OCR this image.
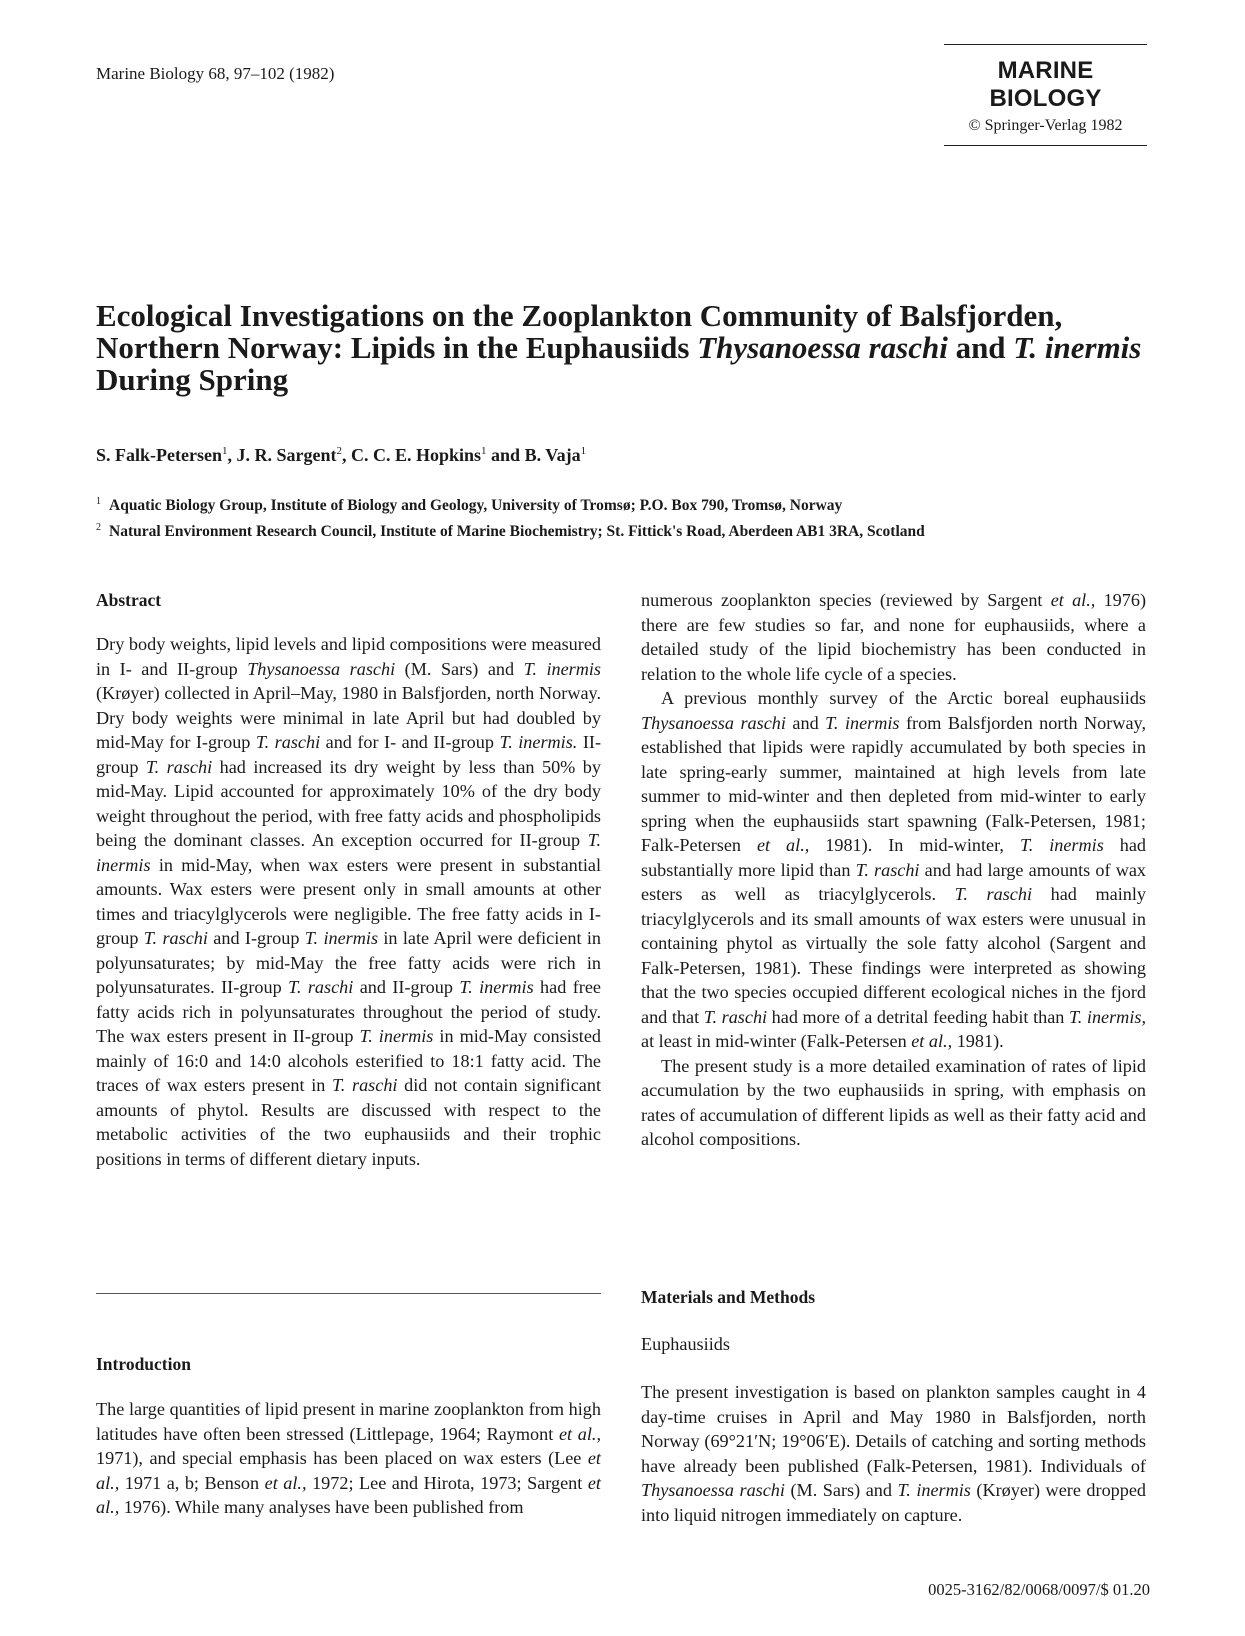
Marine Biology 68, 97–102 (1982)	MARINE BIOLOGY
© Springer-Verlag 1982
Ecological Investigations on the Zooplankton Community of Balsfjorden, Northern Norway: Lipids in the Euphausiids Thysanoessa raschi and T. inermis
During Spring
S. Falk-Petersen$^1$, J. R. Sargent$^2$, C. C. E. Hopkins$^1$ and B. Vaja$^1$
$^1$ Aquatic Biology Group, Institute of Biology and Geology, University of Tromsø; P.O. Box 790, Tromsø, Norway
$^2$ Natural Environment Research Council, Institute of Marine Biochemistry; St. Fittick's Road, Aberdeen AB1 3RA, Scotland
Abstract

Dry body weights, lipid levels and lipid compositions were measured in I- and II-group Thysanoessa raschi (M. Sars) and T. inermis (Krøyer) collected in April–May, 1980 in Balsfjorden, north Norway. Dry body weights were minimal in late April but had doubled by mid-May for I-group T. raschi and for I- and II-group T. inermis. II-group T. raschi had increased its dry weight by less than 50% by mid-May. Lipid accounted for approximately 10% of the dry body weight throughout the period, with free fatty acids and phospholipids being the dominant classes. An exception occurred for II-group T. inermis in mid-May, when wax esters were present in substantial amounts. Wax esters were present only in small amounts at other times and triacylglycerols were negligible. The free fatty acids in I-group T. raschi and I-group T. inermis in late April were deficient in polyunsaturates; by mid-May the free fatty acids were rich in polyunsaturates. II-group T. raschi and II-group T. inermis had free fatty acids rich in polyunsaturates throughout the period of study. The wax esters present in II-group T. inermis in mid-May consisted mainly of 16:0 and 14:0 alcohols esterified to 18:1 fatty acid. The traces of wax esters present in T. raschi did not contain significant amounts of phytol. Results are discussed with respect to the metabolic activities of the two euphausiids and their trophic positions in terms of different dietary inputs.

Introduction

The large quantities of lipid present in marine zooplankton from high latitudes have often been stressed (Littlepage, 1964; Raymont et al., 1971), and special emphasis has been placed on wax esters (Lee et al., 1971 a, b; Benson et al., 1972; Lee and Hirota, 1973; Sargent et al., 1976). While many analyses have been published from

numerous zooplankton species (reviewed by Sargent et al., 1976) there are few studies so far, and none for euphausiids, where a detailed study of the lipid biochemistry has been conducted in relation to the whole life cycle of a species.

A previous monthly survey of the Arctic boreal euphausiids Thysanoessa raschi and T. inermis from Balsfjorden north Norway, established that lipids were rapidly accumulated by both species in late spring-early summer, maintained at high levels from late summer to mid-winter and then depleted from mid-winter to early spring when the euphausiids start spawning (Falk-Petersen, 1981; Falk-Petersen et al., 1981). In mid-winter, T. inermis had substantially more lipid than T. raschi and had large amounts of wax esters as well as triacylglycerols. T. raschi had mainly triacylglycerols and its small amounts of wax esters were unusual in containing phytol as virtually the sole fatty alcohol (Sargent and Falk-Petersen, 1981). These findings were interpreted as showing that the two species occupied different ecological niches in the fjord and that T. raschi had more of a detrital feeding habit than T. inermis, at least in mid-winter (Falk-Petersen et al., 1981).

The present study is a more detailed examination of rates of lipid accumulation by the two euphausiids in spring, with emphasis on rates of accumulation of different lipids as well as their fatty acid and alcohol compositions.

Materials and Methods
Euphausiids

The present investigation is based on plankton samples caught in 4 day-time cruises in April and May 1980 in Balsfjorden, north Norway (69°21′N; 19°06′E). Details of catching and sorting methods have already been published (Falk-Petersen, 1981). Individuals of Thysanoessa raschi (M. Sars) and T. inermis (Krøyer) were dropped into liquid nitrogen immediately on capture.

0025-3162/82/0068/0097/$ 01.20
